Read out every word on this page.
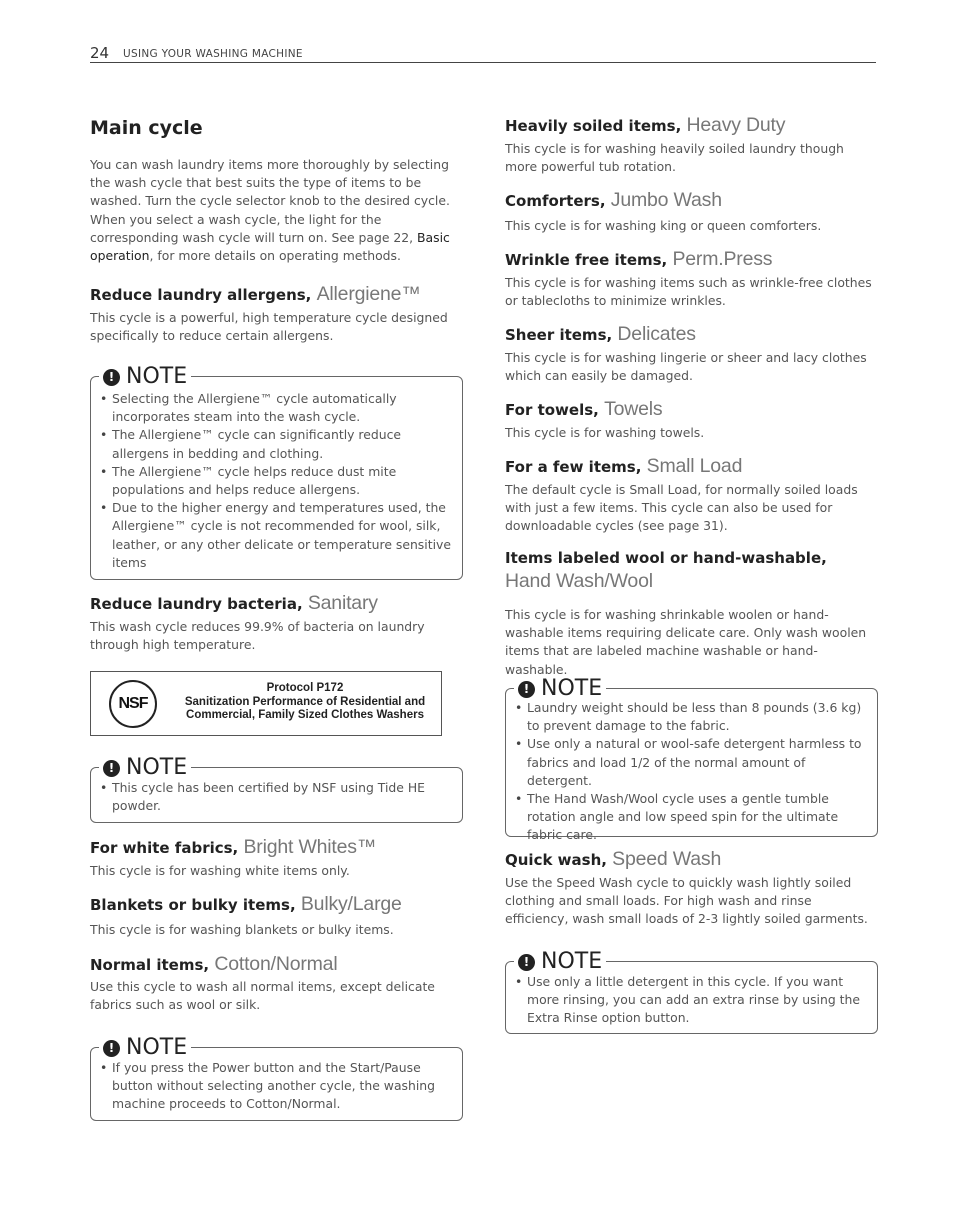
24 USING YOUR WASHING MACHINE
Main cycle
You can wash laundry items more thoroughly by selecting the wash cycle that best suits the type of items to be washed. Turn the cycle selector knob to the desired cycle. When you select a wash cycle, the light for the corresponding wash cycle will turn on. See page 22, Basic operation, for more details on operating methods.
Reduce laundry allergens, Allergiene™
This cycle is a powerful, high temperature cycle designed specifically to reduce certain allergens.
! NOTE
• Selecting the Allergiene™ cycle automatically incorporates steam into the wash cycle.
• The Allergiene™ cycle can significantly reduce allergens in bedding and clothing.
• The Allergiene™ cycle helps reduce dust mite populations and helps reduce allergens.
• Due to the higher energy and temperatures used, the Allergiene™ cycle is not recommended for wool, silk, leather, or any other delicate or temperature sensitive items
Reduce laundry bacteria, Sanitary
This wash cycle reduces 99.9% of bacteria on laundry through high temperature.
NSF
Protocol P172
Sanitization Performance of Residential and Commercial, Family Sized Clothes Washers
! NOTE
• This cycle has been certified by NSF using Tide HE powder.
For white fabrics, Bright Whites™
This cycle is for washing white items only.
Blankets or bulky items, Bulky/Large
This cycle is for washing blankets or bulky items.
Normal items, Cotton/Normal
Use this cycle to wash all normal items, except delicate fabrics such as wool or silk.
! NOTE
• If you press the Power button and the Start/Pause button without selecting another cycle, the washing machine proceeds to Cotton/Normal.
Heavily soiled items, Heavy Duty
This cycle is for washing heavily soiled laundry though more powerful tub rotation.
Comforters, Jumbo Wash
This cycle is for washing king or queen comforters.
Wrinkle free items, Perm.Press
This cycle is for washing items such as wrinkle-free clothes or tablecloths to minimize wrinkles.
Sheer items, Delicates
This cycle is for washing lingerie or sheer and lacy clothes which can easily be damaged.
For towels, Towels
This cycle is for washing towels.
For a few items, Small Load
The default cycle is Small Load, for normally soiled loads with just a few items. This cycle can also be used for downloadable cycles (see page 31).
Items labeled wool or hand-washable,
Hand Wash/Wool
This cycle is for washing shrinkable woolen or hand-washable items requiring delicate care. Only wash woolen items that are labeled machine washable or hand-washable.
! NOTE
• Laundry weight should be less than 8 pounds (3.6 kg) to prevent damage to the fabric.
• Use only a natural or wool-safe detergent harmless to fabrics and load 1/2 of the normal amount of detergent.
• The Hand Wash/Wool cycle uses a gentle tumble rotation angle and low speed spin for the ultimate fabric care.
Quick wash, Speed Wash
Use the Speed Wash cycle to quickly wash lightly soiled clothing and small loads. For high wash and rinse efficiency, wash small loads of 2-3 lightly soiled garments.
! NOTE
• Use only a little detergent in this cycle. If you want more rinsing, you can add an extra rinse by using the Extra Rinse option button.
